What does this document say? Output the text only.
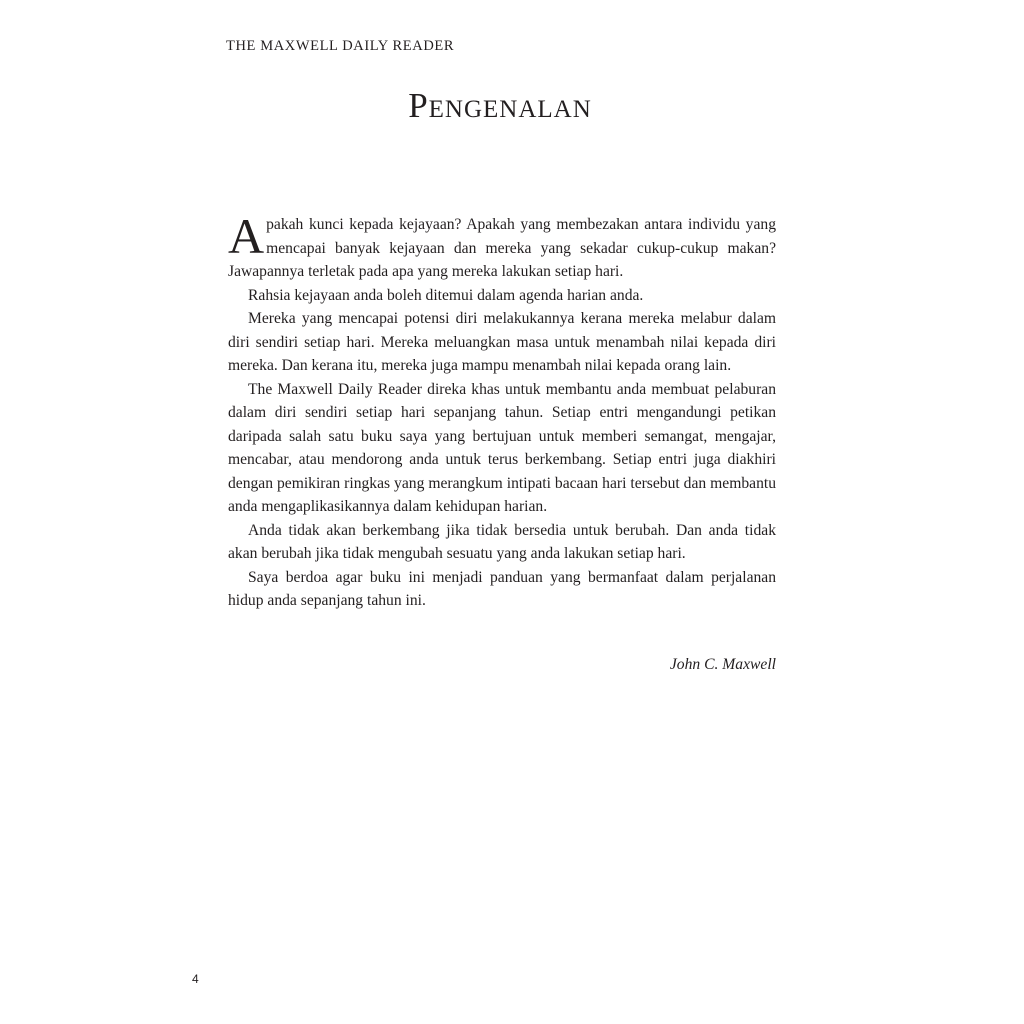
THE MAXWELL DAILY READER
Pengenalan

Apakah kunci kepada kejayaan? Apakah yang membezakan antara individu yang mencapai banyak kejayaan dan mereka yang sekadar cukup-cukup makan? Jawapannya terletak pada apa yang mereka lakukan setiap hari.

Rahsia kejayaan anda boleh ditemui dalam agenda harian anda.

Mereka yang mencapai potensi diri melakukannya kerana mereka melabur dalam diri sendiri setiap hari. Mereka meluangkan masa untuk menambah nilai kepada diri mereka. Dan kerana itu, mereka juga mampu menambah nilai kepada orang lain.

The Maxwell Daily Reader direka khas untuk membantu anda membuat pelaburan dalam diri sendiri setiap hari sepanjang tahun. Setiap entri mengandungi petikan daripada salah satu buku saya yang bertujuan untuk memberi semangat, mengajar, mencabar, atau mendorong anda untuk terus berkembang. Setiap entri juga diakhiri dengan pemikiran ringkas yang merangkum intipati bacaan hari tersebut dan membantu anda mengaplikasikannya dalam kehidupan harian.

Anda tidak akan berkembang jika tidak bersedia untuk berubah. Dan anda tidak akan berubah jika tidak mengubah sesuatu yang anda lakukan setiap hari.

Saya berdoa agar buku ini menjadi panduan yang bermanfaat dalam perjalanan hidup anda sepanjang tahun ini.

John C. Maxwell
4
